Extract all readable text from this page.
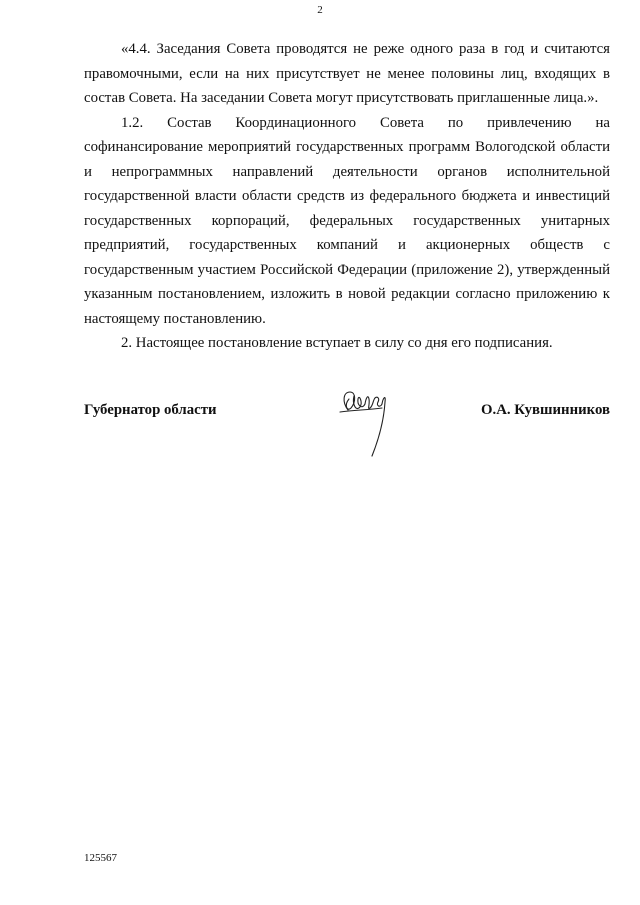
2

«4.4. Заседания Совета проводятся не реже одного раза в год и считаются правомочными, если на них присутствует не менее половины лиц, входящих в состав Совета. На заседании Совета могут присутствовать приглашенные лица.».

1.2. Состав Координационного Совета по привлечению на софинансирование мероприятий государственных программ Вологодской области и непрограммных направлений деятельности органов исполнительной государственной власти области средств из федерального бюджета и инвестиций государственных корпораций, федеральных государственных унитарных предприятий, государственных компаний и акционерных обществ с государственным участием Российской Федерации (приложение 2), утвержденный указанным постановлением, изложить в новой редакции согласно приложению к настоящему постановлению.

2. Настоящее постановление вступает в силу со дня его подписания.

Губернатор области	О.А. Кувшинников
125567
